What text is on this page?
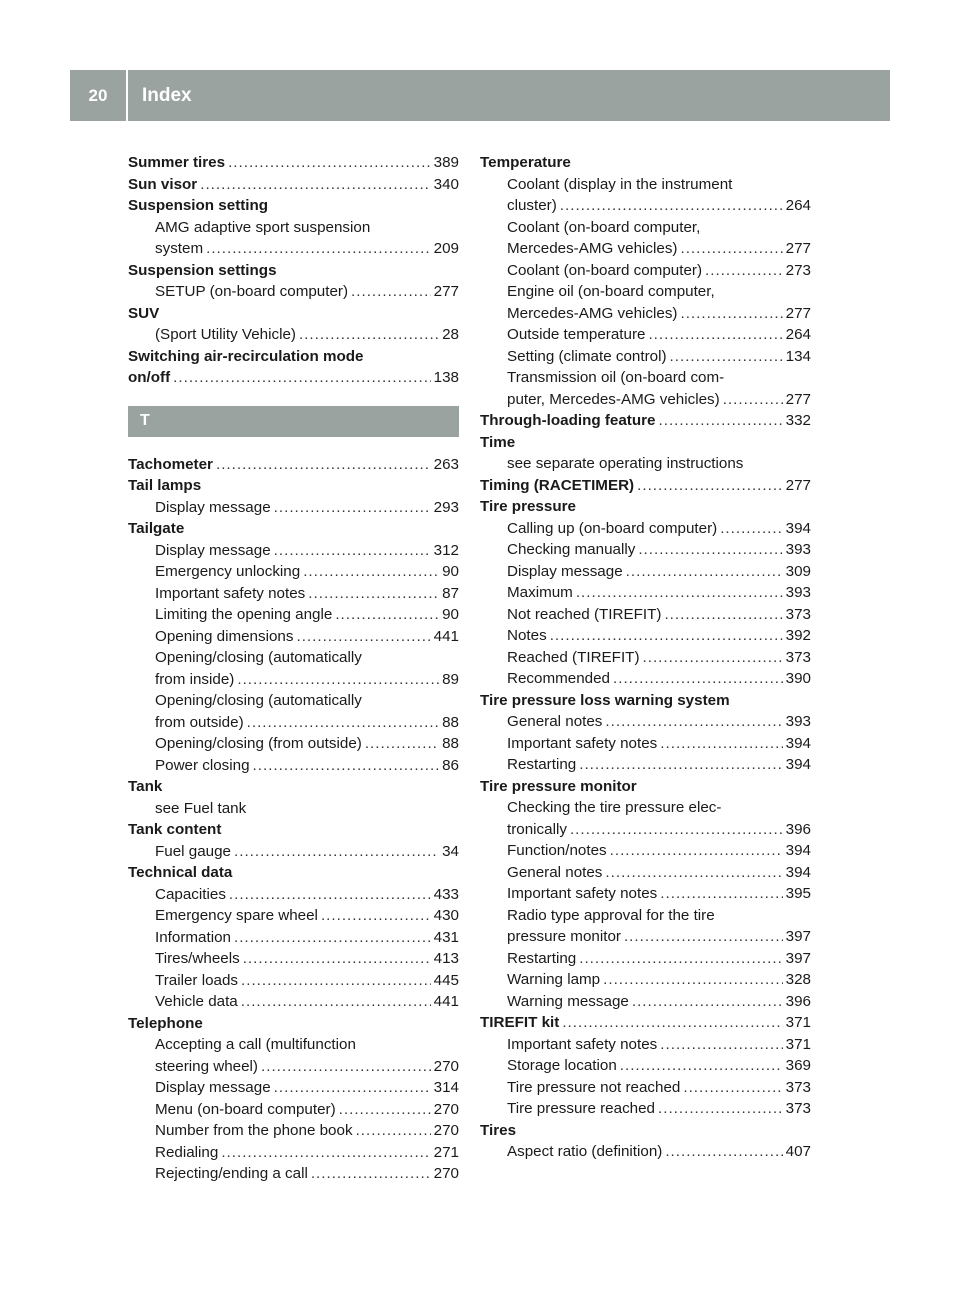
20	Index
Summer tires .....	389
Sun visor .....	340
Suspension setting
AMG adaptive sport suspension
system .....	209
Suspension settings
SETUP (on-board computer) .....	277
SUV
(Sport Utility Vehicle) .....	28
Switching air-recirculation mode
on/off .....	138
T
Tachometer .....	263
Tail lamps
Display message .....	293
Tailgate
Display message .....	312
Emergency unlocking .....	90
Important safety notes .....	87
Limiting the opening angle .....	90
Opening dimensions .....	441
Opening/closing (automatically
from inside) .....	89
Opening/closing (automatically
from outside) .....	88
Opening/closing (from outside) .....	88
Power closing .....	86
Tank
see Fuel tank
Tank content
Fuel gauge .....	34
Technical data
Capacities .....	433
Emergency spare wheel .....	430
Information .....	431
Tires/wheels .....	413
Trailer loads .....	445
Vehicle data .....	441
Telephone
Accepting a call (multifunction
steering wheel) .....	270
Display message .....	314
Menu (on-board computer) .....	270
Number from the phone book .....	270
Redialing .....	271
Rejecting/ending a call .....	270
Temperature
Coolant (display in the instrument
cluster) .....	264
Coolant (on-board computer,
Mercedes-AMG vehicles) .....	277
Coolant (on-board computer) .....	273
Engine oil (on-board computer,
Mercedes-AMG vehicles) .....	277
Outside temperature .....	264
Setting (climate control) .....	134
Transmission oil (on-board com-
puter, Mercedes-AMG vehicles) .....	277
Through-loading feature .....	332
Time
see separate operating instructions
Timing (RACETIMER) .....	277
Tire pressure
Calling up (on-board computer) .....	394
Checking manually .....	393
Display message .....	309
Maximum .....	393
Not reached (TIREFIT) .....	373
Notes .....	392
Reached (TIREFIT) .....	373
Recommended .....	390
Tire pressure loss warning system
General notes .....	393
Important safety notes .....	394
Restarting .....	394
Tire pressure monitor
Checking the tire pressure elec-
tronically .....	396
Function/notes .....	394
General notes .....	394
Important safety notes .....	395
Radio type approval for the tire
pressure monitor .....	397
Restarting .....	397
Warning lamp .....	328
Warning message .....	396
TIREFIT kit .....	371
Important safety notes .....	371
Storage location .....	369
Tire pressure not reached .....	373
Tire pressure reached .....	373
Tires
Aspect ratio (definition) .....	407
